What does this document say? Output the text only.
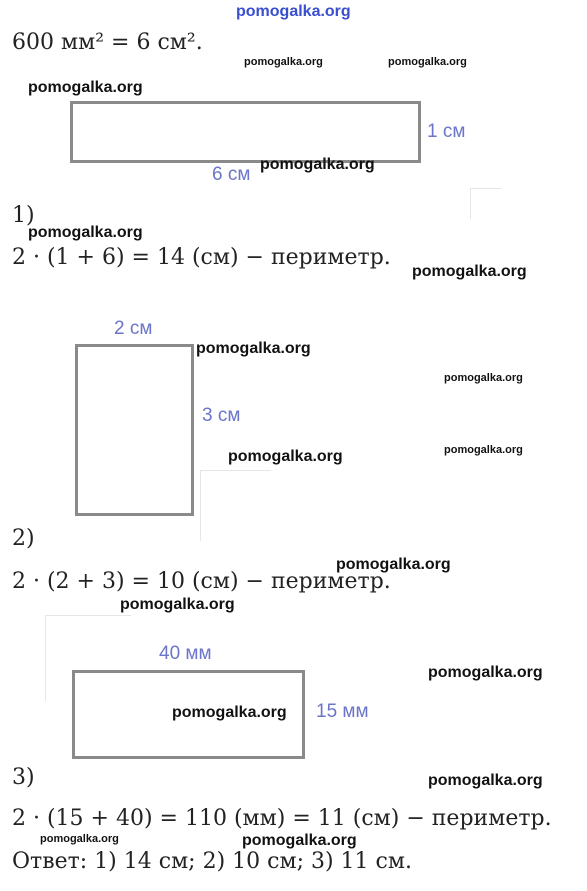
pomogalka.org
600 мм² = 6 см².
pomogalka.org	pomogalka.org
pomogalka.org
1 см
6 см pomogalka.org
1)
pomogalka.org
2 · (1 + 6) = 14 (см) − периметр.
pomogalka.org
2 см
pomogalka.org
pomogalka.org
3 см
pomogalka.org
pomogalka.org
2)
pomogalka.org
2 · (2 + 3) = 10 (см) − периметр.
pomogalka.org
40 мм
pomogalka.org
pomogalka.org 15 мм
3)	pomogalka.org
2 · (15 + 40) = 110 (мм) = 11 (см) − периметр.
pomogalka.org	pomogalka.org
Ответ: 1) 14 см; 2) 10 см; 3) 11 см.
